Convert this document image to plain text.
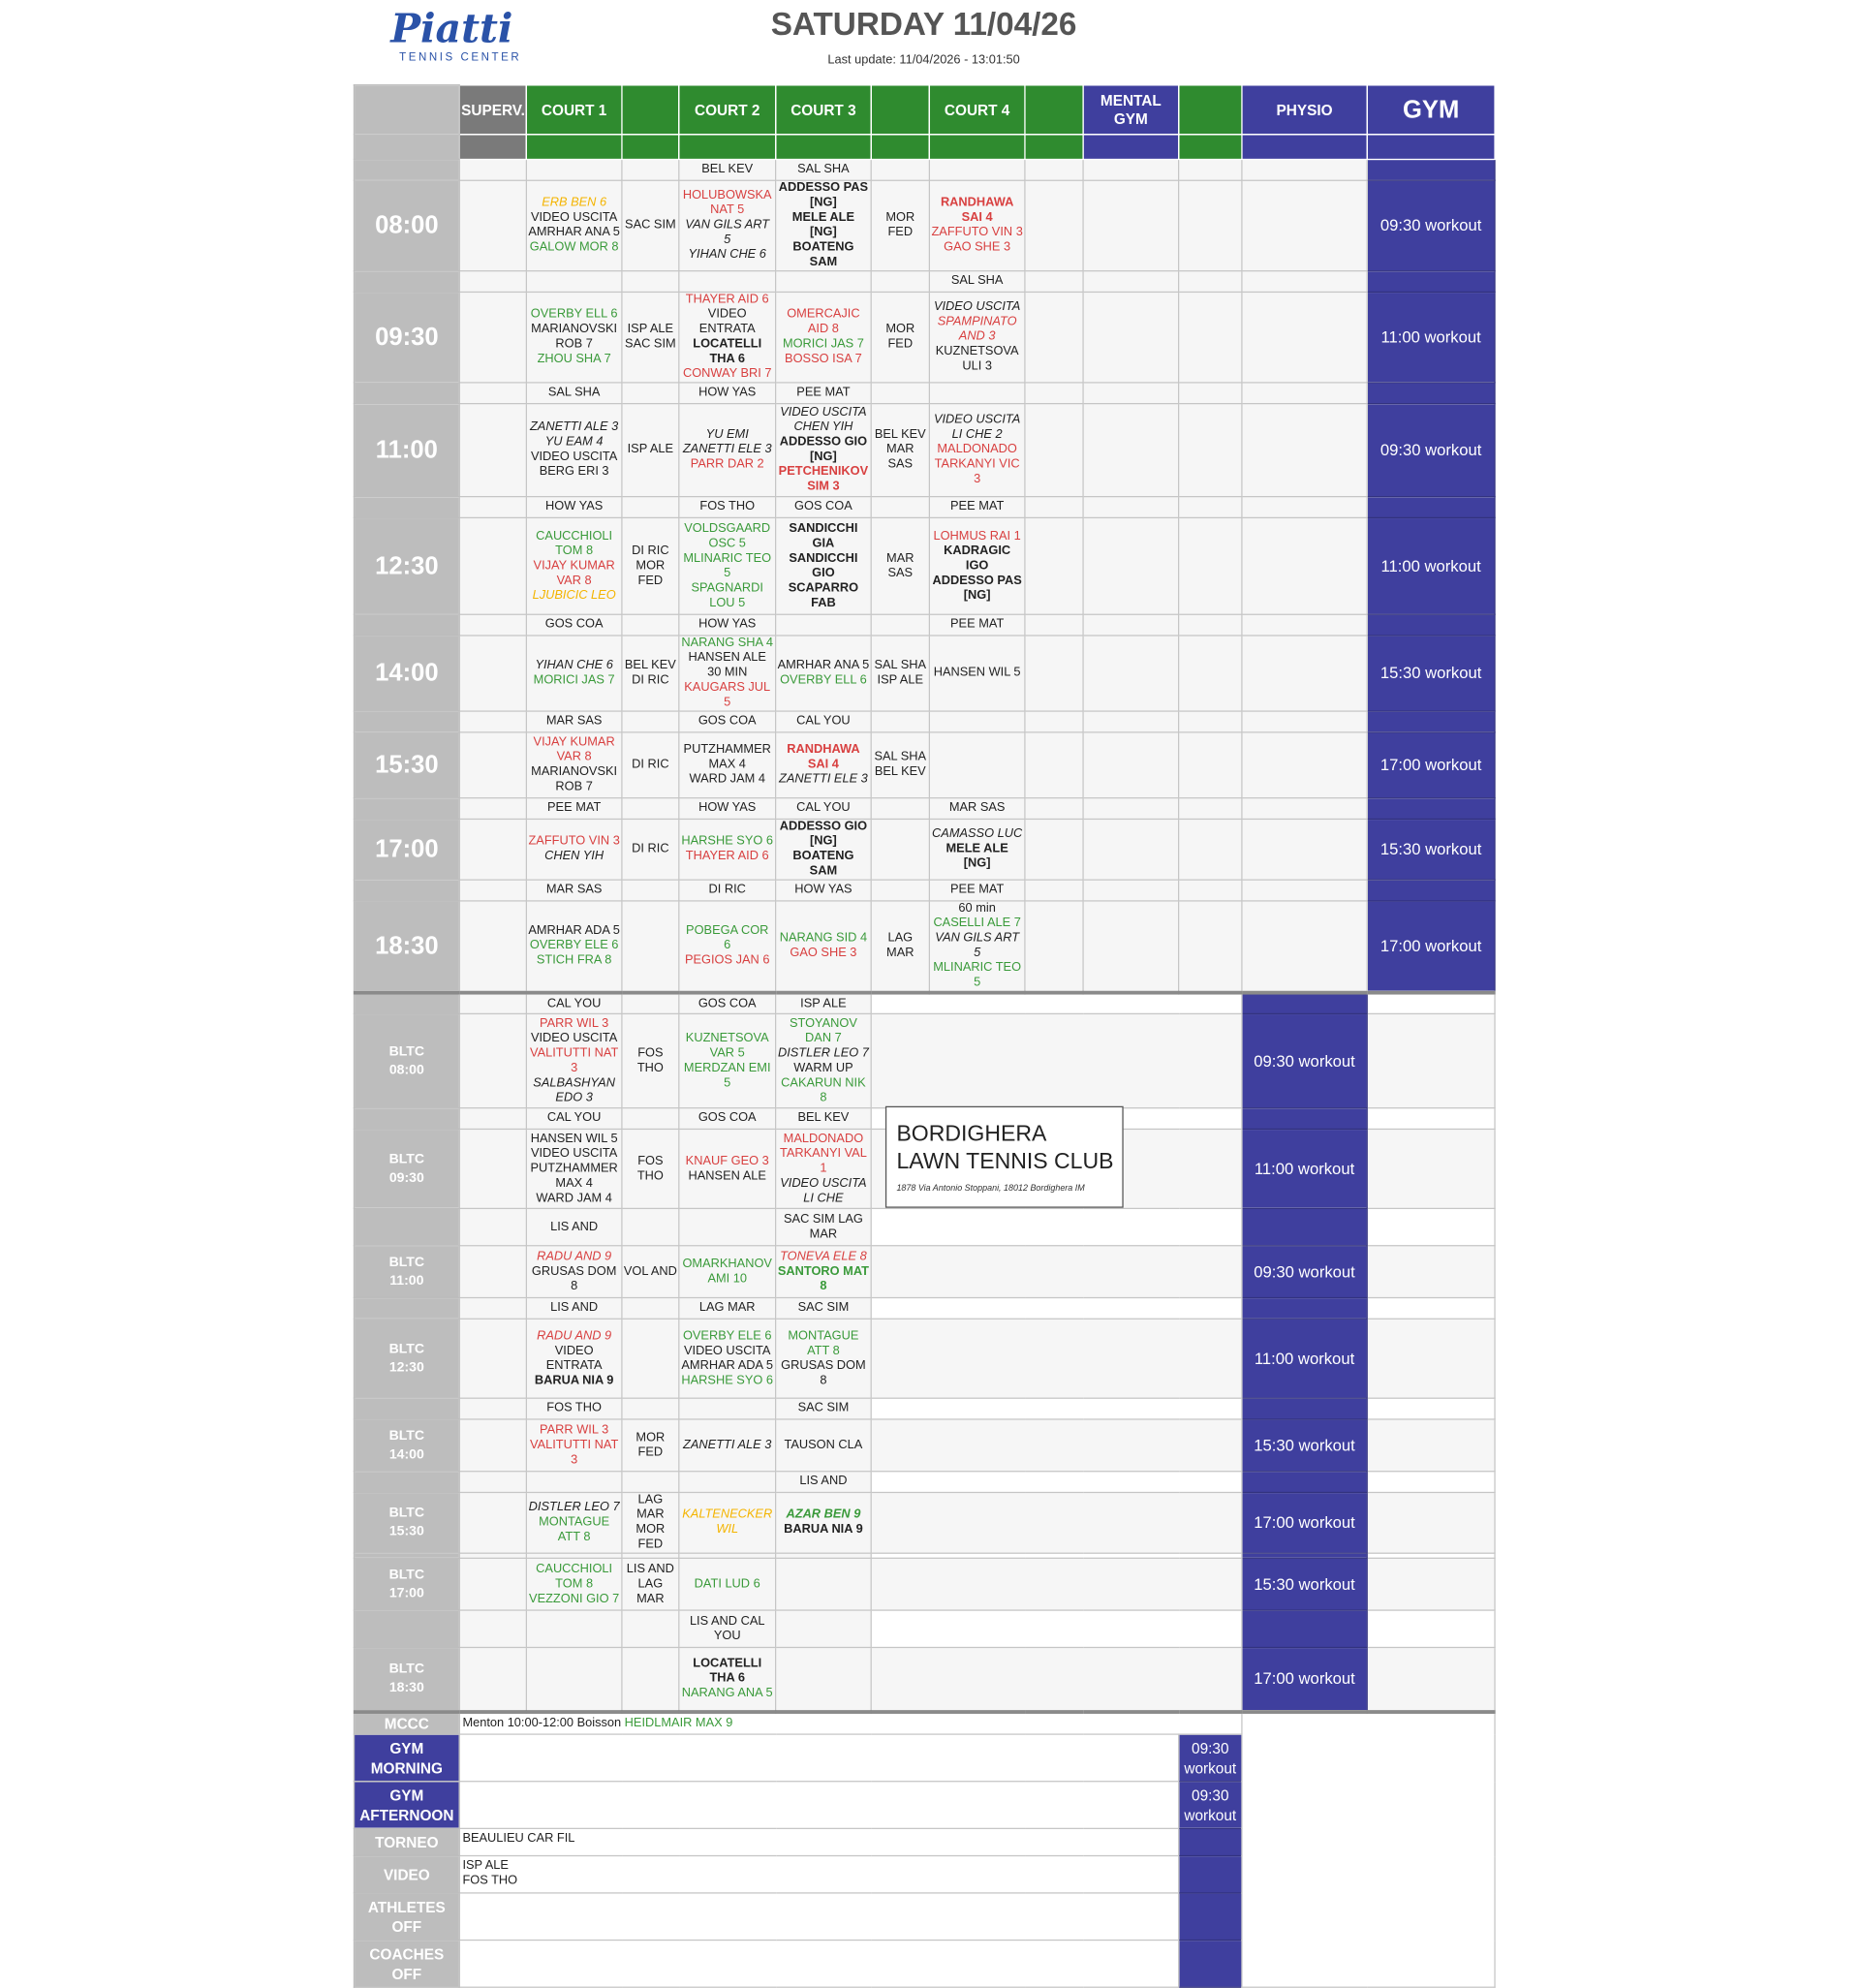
Piatti
TENNIS CENTER
SATURDAY 11/04/26
Last update: 11/04/2026 - 13:01:50
	SUPERV.	COURT 1		COURT 2	COURT 3		COURT 4		MENTAL GYM		PHYSIO	GYM

				BEL KEV	SAL SHA							
08:00		ERB BEN 6
VIDEO USCITA
AMRHAR ANA 5
GALOW MOR 8	SAC SIM	HOLUBOWSKA NAT 5
VAN GILS ART 5
YIHAN CHE 6	ADDESSO PAS [NG]
MELE ALE [NG]
BOATENG SAM	MOR FED	RANDHAWA SAI 4
ZAFFUTO VIN 3
GAO SHE 3					09:30 workout
							SAL SHA					
09:30		OVERBY ELL 6
MARIANOVSKI ROB 7
ZHOU SHA 7	ISP ALE
SAC SIM	THAYER AID 6
VIDEO ENTRATA
LOCATELLI THA 6
CONWAY BRI 7	OMERCAJIC AID 8
MORICI JAS 7
BOSSO ISA 7	MOR FED	VIDEO USCITA
SPAMPINATO AND 3
KUZNETSOVA ULI 3					11:00 workout
		SAL SHA		HOW YAS	PEE MAT							
11:00		ZANETTI ALE 3
YU EAM 4
VIDEO USCITA
BERG ERI 3	ISP ALE	YU EMI
ZANETTI ELE 3
PARR DAR 2	VIDEO USCITA
CHEN YIH
ADDESSO GIO [NG]
PETCHENIKOV SIM 3	BEL KEV
MAR SAS	VIDEO USCITA
LI CHE 2
MALDONADO TARKANYI VIC 3					09:30 workout
		HOW YAS		FOS THO	GOS COA		PEE MAT					
12:30		CAUCCHIOLI TOM 8
VIJAY KUMAR VAR 8
LJUBICIC LEO	DI RIC
MOR FED	VOLDSGAARD OSC 5
MLINARIC TEO 5
SPAGNARDI LOU 5	SANDICCHI GIA
SANDICCHI GIO
SCAPARRO FAB	MAR SAS	LOHMUS RAI 1
KADRAGIC IGO
ADDESSO PAS [NG]					11:00 workout
		GOS COA		HOW YAS			PEE MAT					
14:00		YIHAN CHE 6
MORICI JAS 7	BEL KEV
DI RIC	NARANG SHA 4
HANSEN ALE 30 MIN
KAUGARS JUL 5	AMRHAR ANA 5
OVERBY ELL 6	SAL SHA
ISP ALE	HANSEN WIL 5					15:30 workout
		MAR SAS		GOS COA	CAL YOU							
15:30		VIJAY KUMAR VAR 8
MARIANOVSKI ROB 7	DI RIC	PUTZHAMMER MAX 4
WARD JAM 4	RANDHAWA SAI 4
ZANETTI ELE 3	SAL SHA
BEL KEV						17:00 workout
		PEE MAT		HOW YAS	CAL YOU		MAR SAS					
17:00		ZAFFUTO VIN 3
CHEN YIH	DI RIC	HARSHE SYO 6
THAYER AID 6	ADDESSO GIO [NG]
BOATENG SAM		CAMASSO LUC
MELE ALE [NG]					15:30 workout
		MAR SAS		DI RIC	HOW YAS		PEE MAT					
18:30		AMRHAR ADA 5
OVERBY ELE 6
STICH FRA 8		POBEGA COR 6
PEGIOS JAN 6	NARANG SID 4
GAO SHE 3	LAG MAR	60 min
CASELLI ALE 7
VAN GILS ART 5
MLINARIC TEO 5					17:00 workout
		CAL YOU		GOS COA	ISP ALE							
BLTC
08:00		PARR WIL 3
VIDEO USCITA
VALITUTTI NAT 3
SALBASHYAN EDO 3	FOS THO	KUZNETSOVA VAR 5
MERDZAN EMI 5	STOYANOV DAN 7
DISTLER LEO 7
WARM UP
CAKARUN NIK 8						09:30 workout	
		CAL YOU		GOS COA	BEL KEV							
BLTC
09:30		HANSEN WIL 5
VIDEO USCITA
PUTZHAMMER MAX 4
WARD JAM 4	FOS THO	KNAUF GEO 3
HANSEN ALE	MALDONADO TARKANYI VAL 1
VIDEO USCITA
LI CHE						11:00 workout	
		LIS AND			SAC SIM LAG MAR							
BLTC
11:00		RADU AND 9
GRUSAS DOM 8	VOL AND	OMARKHANOV AMI 10	TONEVA ELE 8
SANTORO MAT 8						09:30 workout	
		LIS AND		LAG MAR	SAC SIM							
BLTC
12:30		RADU AND 9
VIDEO ENTRATA
BARUA NIA 9		OVERBY ELE 6
VIDEO USCITA
AMRHAR ADA 5
HARSHE SYO 6	MONTAGUE ATT 8
GRUSAS DOM 8						11:00 workout	
		FOS THO			SAC SIM							
BLTC
14:00		PARR WIL 3
VALITUTTI NAT 3	MOR FED	ZANETTI ALE 3	TAUSON CLA						15:30 workout	
					LIS AND							
BLTC
15:30		DISTLER LEO 7
MONTAGUE ATT 8	LAG MAR
MOR FED	KALTENECKER WIL	AZAR BEN 9
BARUA NIA 9						17:00 workout	

BLTC
17:00		CAUCCHIOLI TOM 8
VEZZONI GIO 7	LIS AND
LAG MAR	DATI LUD 6							15:30 workout	
				LIS AND CAL YOU								
BLTC
18:30				LOCATELLI THA 6
NARANG ANA 5							17:00 workout	
MCCC	Menton 10:00-12:00 Boisson HEIDLMAIR MAX 9											
GYM MORNING										09:30 workout		
GYM AFTERNOON										09:30 workout		
TORNEO	BEAULIEU CAR FIL											
VIDEO	ISP ALE
FOS THO											

ATHLETES OFF												
COACHES OFF												
BORDIGHERA
LAWN TENNIS CLUB
1878 Via Antonio Stoppani, 18012 Bordighera IM
